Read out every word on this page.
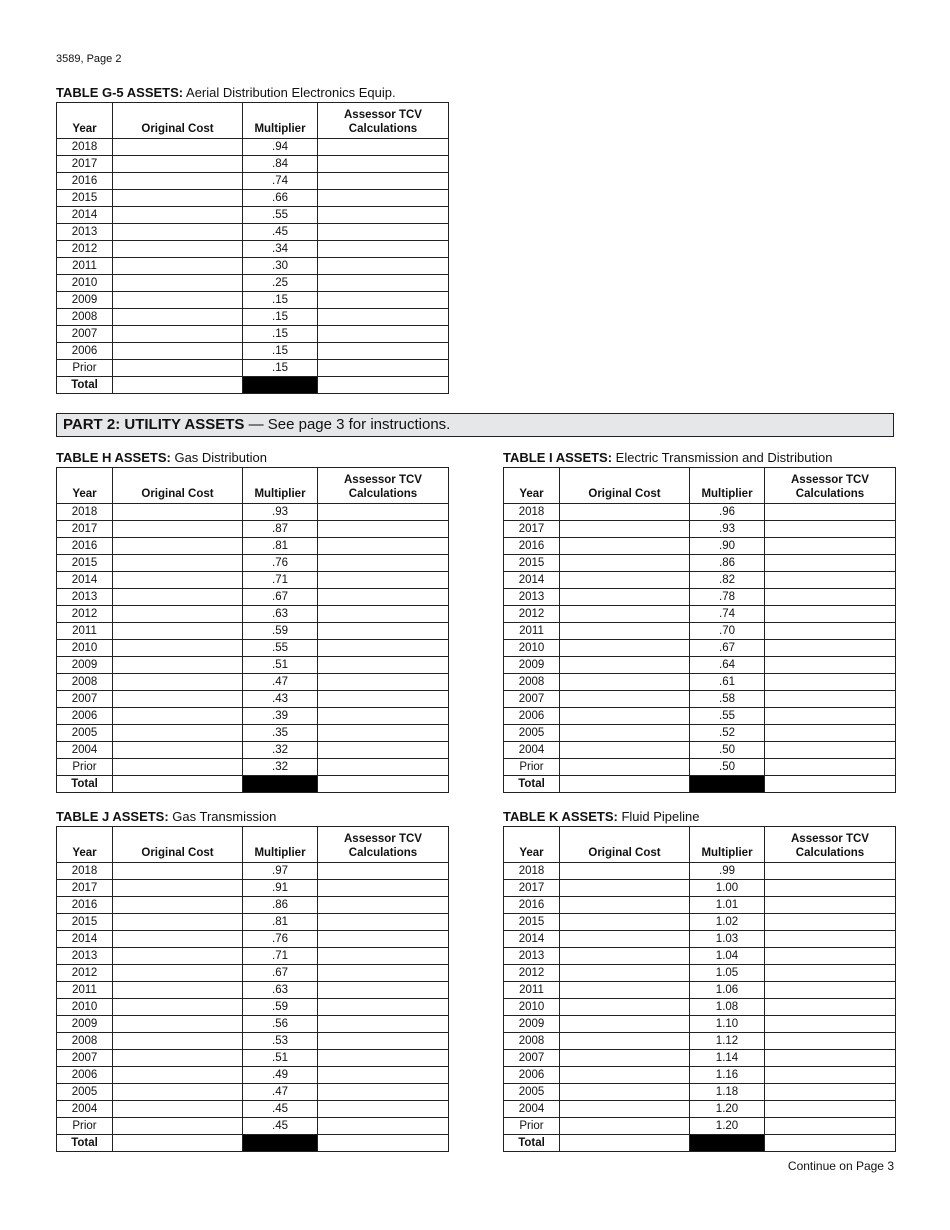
3589, Page 2
TABLE G-5 ASSETS: Aerial Distribution Electronics Equip.
Year	Original Cost	Multiplier	Assessor TCV
Calculations
2018		.94	
2017		.84	
2016		.74	
2015		.66	
2014		.55	
2013		.45	
2012		.34	
2011		.30	
2010		.25	
2009		.15	
2008		.15	
2007		.15	
2006		.15	
Prior		.15	
Total			
PART 2: UTILITY ASSETS — See page 3 for instructions.
TABLE H ASSETS: Gas Distribution
Year	Original Cost	Multiplier	Assessor TCV
Calculations
2018		.93	
2017		.87	
2016		.81	
2015		.76	
2014		.71	
2013		.67	
2012		.63	
2011		.59	
2010		.55	
2009		.51	
2008		.47	
2007		.43	
2006		.39	
2005		.35	
2004		.32	
Prior		.32	
Total			
TABLE I ASSETS: Electric Transmission and Distribution
Year	Original Cost	Multiplier	Assessor TCV
Calculations
2018		.96	
2017		.93	
2016		.90	
2015		.86	
2014		.82	
2013		.78	
2012		.74	
2011		.70	
2010		.67	
2009		.64	
2008		.61	
2007		.58	
2006		.55	
2005		.52	
2004		.50	
Prior		.50	
Total			
TABLE J ASSETS: Gas Transmission
Year	Original Cost	Multiplier	Assessor TCV
Calculations
2018		.97	
2017		.91	
2016		.86	
2015		.81	
2014		.76	
2013		.71	
2012		.67	
2011		.63	
2010		.59	
2009		.56	
2008		.53	
2007		.51	
2006		.49	
2005		.47	
2004		.45	
Prior		.45	
Total			
TABLE K ASSETS: Fluid Pipeline
Year	Original Cost	Multiplier	Assessor TCV
Calculations
2018		.99	
2017		1.00	
2016		1.01	
2015		1.02	
2014		1.03	
2013		1.04	
2012		1.05	
2011		1.06	
2010		1.08	
2009		1.10	
2008		1.12	
2007		1.14	
2006		1.16	
2005		1.18	
2004		1.20	
Prior		1.20	
Total			
Continue on Page 3
